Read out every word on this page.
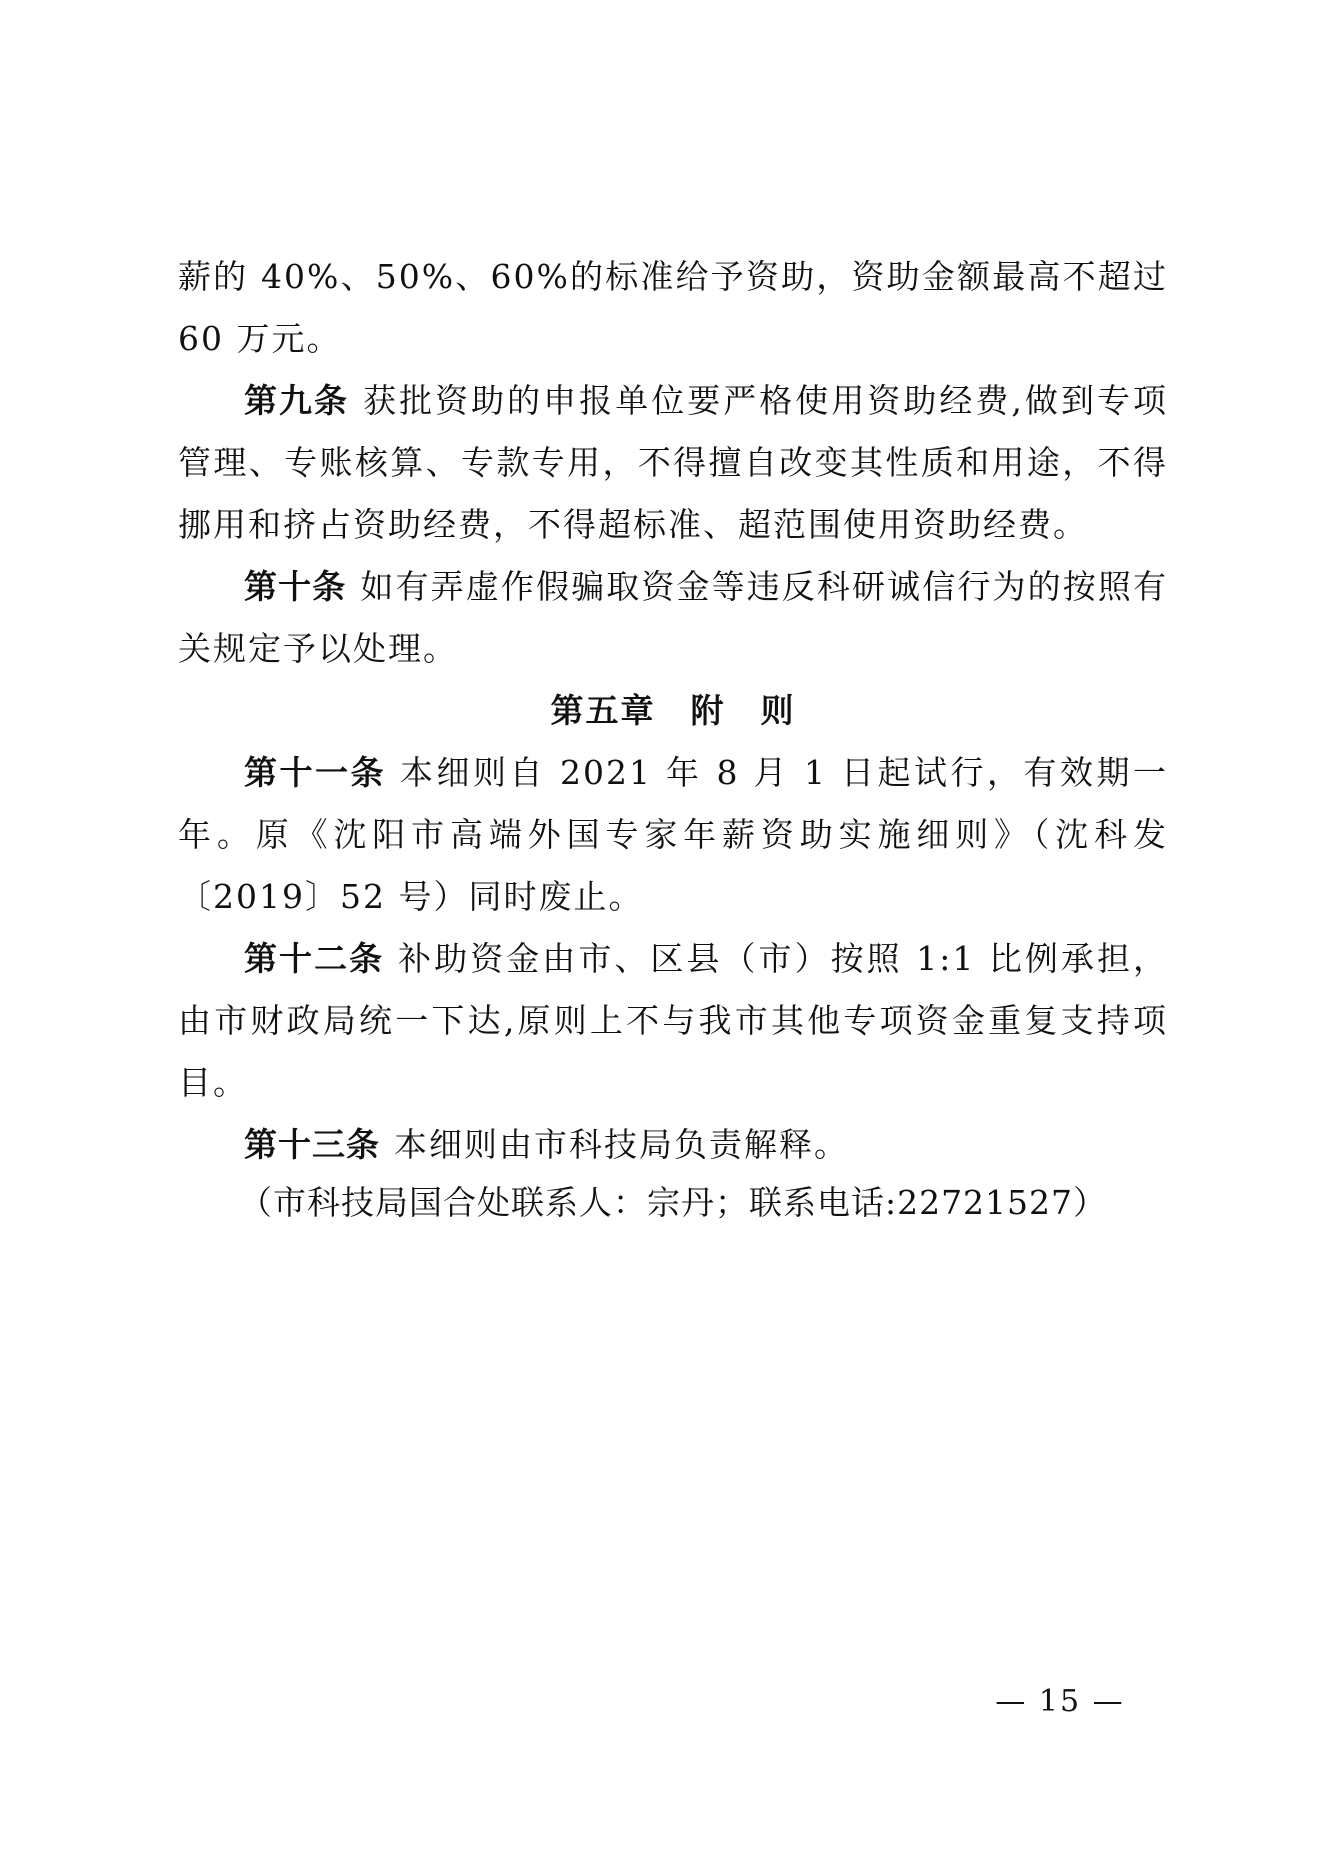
薪的 40%、50%、60%的标准给予资助，资助金额最高不超过 60 万元。

第九条 获批资助的申报单位要严格使用资助经费,做到专项管理、专账核算、专款专用，不得擅自改变其性质和用途，不得挪用和挤占资助经费，不得超标准、超范围使用资助经费。

第十条 如有弄虚作假骗取资金等违反科研诚信行为的按照有关规定予以处理。

第五章　附　则

第十一条 本细则自 2021 年 8 月 1 日起试行，有效期一年。原《沈阳市高端外国专家年薪资助实施细则》（沈科发〔2019〕52 号）同时废止。

第十二条 补助资金由市、区县（市）按照 1:1 比例承担，由市财政局统一下达,原则上不与我市其他专项资金重复支持项目。

第十三条 本细则由市科技局负责解释。

（市科技局国合处联系人：宗丹；联系电话:22721527）
— 15 —
